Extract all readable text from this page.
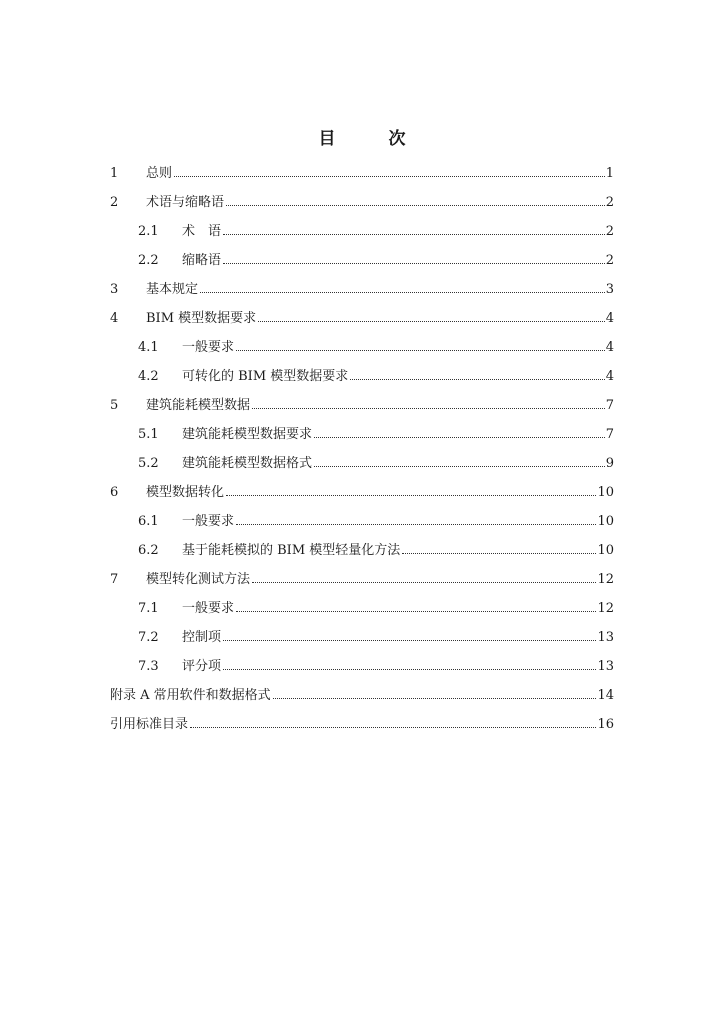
目　次
1	总则	1
2	术语与缩略语	2
2.1	术　语	2
2.2	缩略语	2
3	基本规定	3
4	BIM 模型数据要求	4
4.1	一般要求	4
4.2	可转化的 BIM 模型数据要求	4
5	建筑能耗模型数据	7
5.1	建筑能耗模型数据要求	7
5.2	建筑能耗模型数据格式	9
6	模型数据转化	10
6.1	一般要求	10
6.2	基于能耗模拟的 BIM 模型轻量化方法	10
7	模型转化测试方法	12
7.1	一般要求	12
7.2	控制项	13
7.3	评分项	13
附录 A 常用软件和数据格式	14
引用标准目录	16
